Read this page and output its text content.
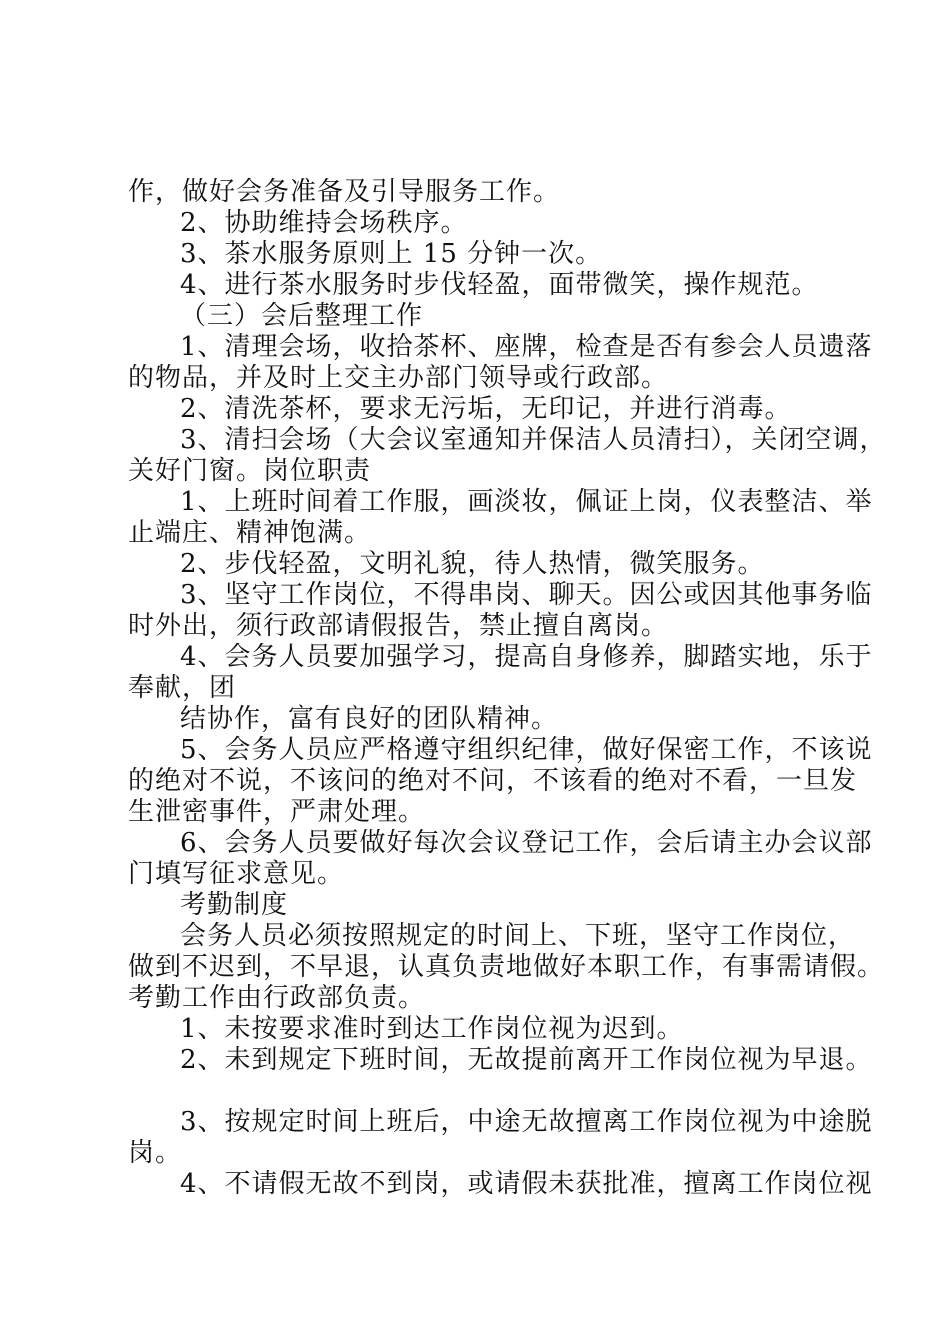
作，做好会务准备及引导服务工作。
2、协助维持会场秩序。
3、茶水服务原则上 15 分钟一次。
4、进行茶水服务时步伐轻盈，面带微笑，操作规范。
（三）会后整理工作
1、清理会场，收拾茶杯、座牌，检查是否有参会人员遗落
的物品，并及时上交主办部门领导或行政部。
2、清洗茶杯，要求无污垢，无印记，并进行消毒。
3、清扫会场（大会议室通知并保洁人员清扫），关闭空调，
关好门窗。岗位职责
1、上班时间着工作服，画淡妆，佩证上岗，仪表整洁、举
止端庄、精神饱满。
2、步伐轻盈，文明礼貌，待人热情，微笑服务。
3、坚守工作岗位，不得串岗、聊天。因公或因其他事务临
时外出，须行政部请假报告，禁止擅自离岗。
4、会务人员要加强学习，提高自身修养，脚踏实地，乐于
奉献，团
结协作，富有良好的团队精神。
5、会务人员应严格遵守组织纪律，做好保密工作，不该说
的绝对不说，不该问的绝对不问，不该看的绝对不看，一旦发
生泄密事件，严肃处理。
6、会务人员要做好每次会议登记工作，会后请主办会议部
门填写征求意见。
考勤制度
会务人员必须按照规定的时间上、下班，坚守工作岗位，
做到不迟到，不早退，认真负责地做好本职工作，有事需请假。
考勤工作由行政部负责。
1、未按要求准时到达工作岗位视为迟到。
2、未到规定下班时间，无故提前离开工作岗位视为早退。
3、按规定时间上班后，中途无故擅离工作岗位视为中途脱
岗。
4、不请假无故不到岗，或请假未获批准，擅离工作岗位视
